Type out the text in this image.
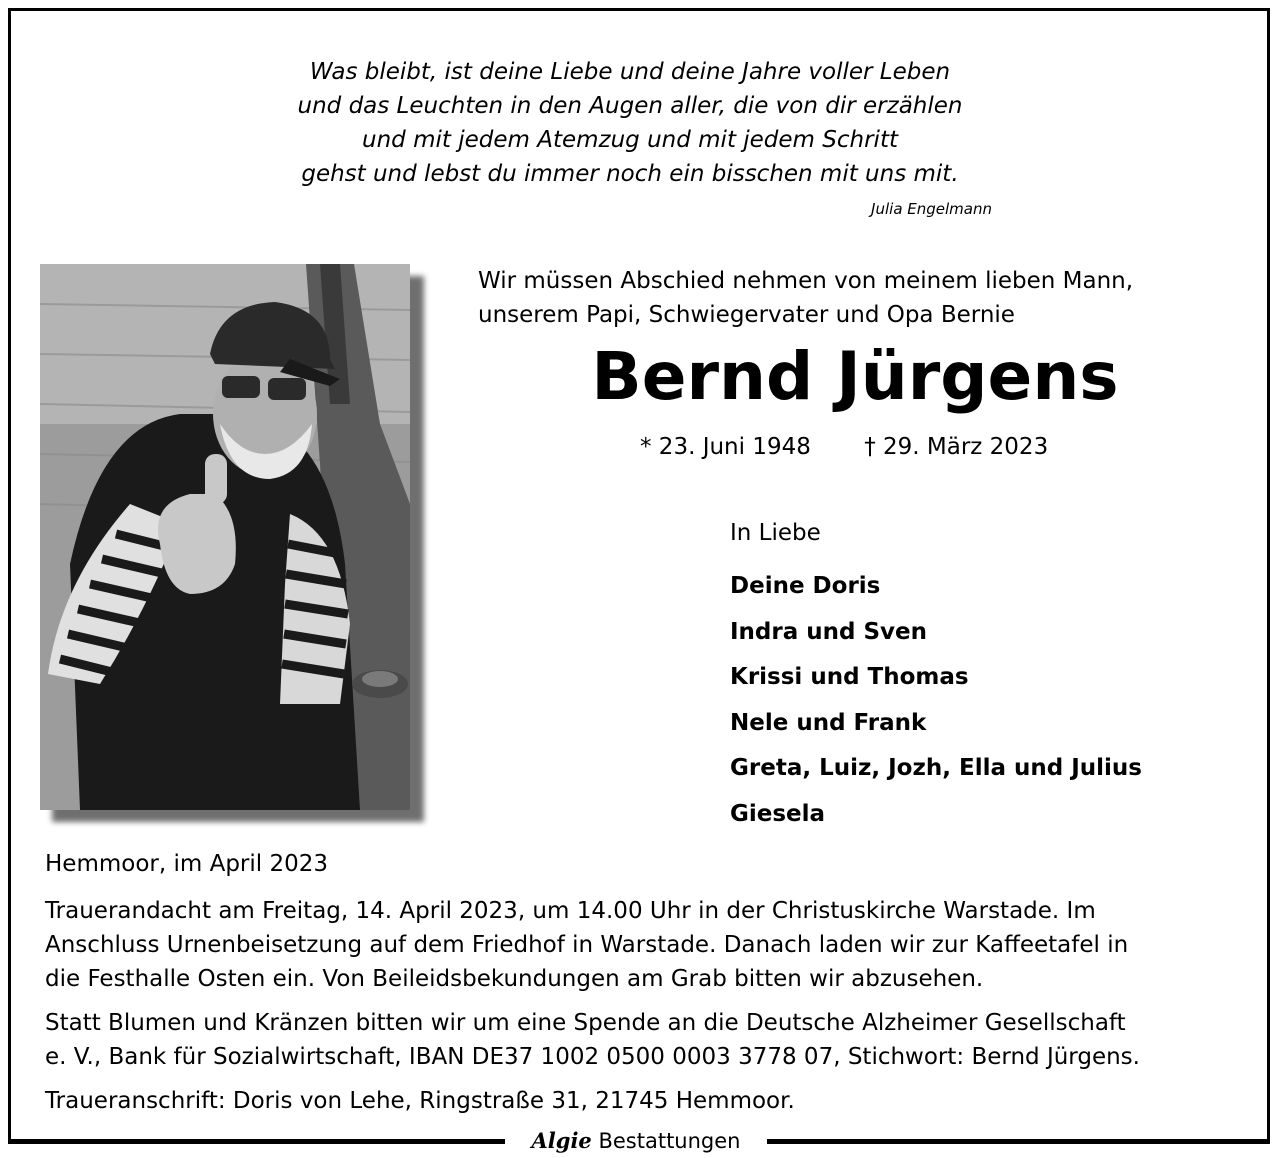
Was bleibt, ist deine Liebe und deine Jahre voller Leben
und das Leuchten in den Augen aller, die von dir erzählen
und mit jedem Atemzug und mit jedem Schritt
gehst und lebst du immer noch ein bisschen mit uns mit.
Julia Engelmann
Wir müssen Abschied nehmen von meinem lieben Mann,
unserem Papi, Schwiegervater und Opa Bernie
Bernd Jürgens
* 23. Juni 1948 † 29. März 2023
In Liebe
Deine Doris
Indra und Sven
Krissi und Thomas
Nele und Frank
Greta, Luiz, Jozh, Ella und Julius
Giesela
Hemmoor, im April 2023
Trauerandacht am Freitag, 14. April 2023, um 14.00 Uhr in der Christuskirche Warstade. Im
Anschluss Urnenbeisetzung auf dem Friedhof in Warstade. Danach laden wir zur Kaffeetafel in
die Festhalle Osten ein. Von Beileidsbekundungen am Grab bitten wir abzusehen.
Statt Blumen und Kränzen bitten wir um eine Spende an die Deutsche Alzheimer Gesellschaft
e. V., Bank für Sozialwirtschaft, IBAN DE37 1002 0500 0003 3778 07, Stichwort: Bernd Jürgens.
Traueranschrift: Doris von Lehe, Ringstraße 31, 21745 Hemmoor.
Algie Bestattungen
